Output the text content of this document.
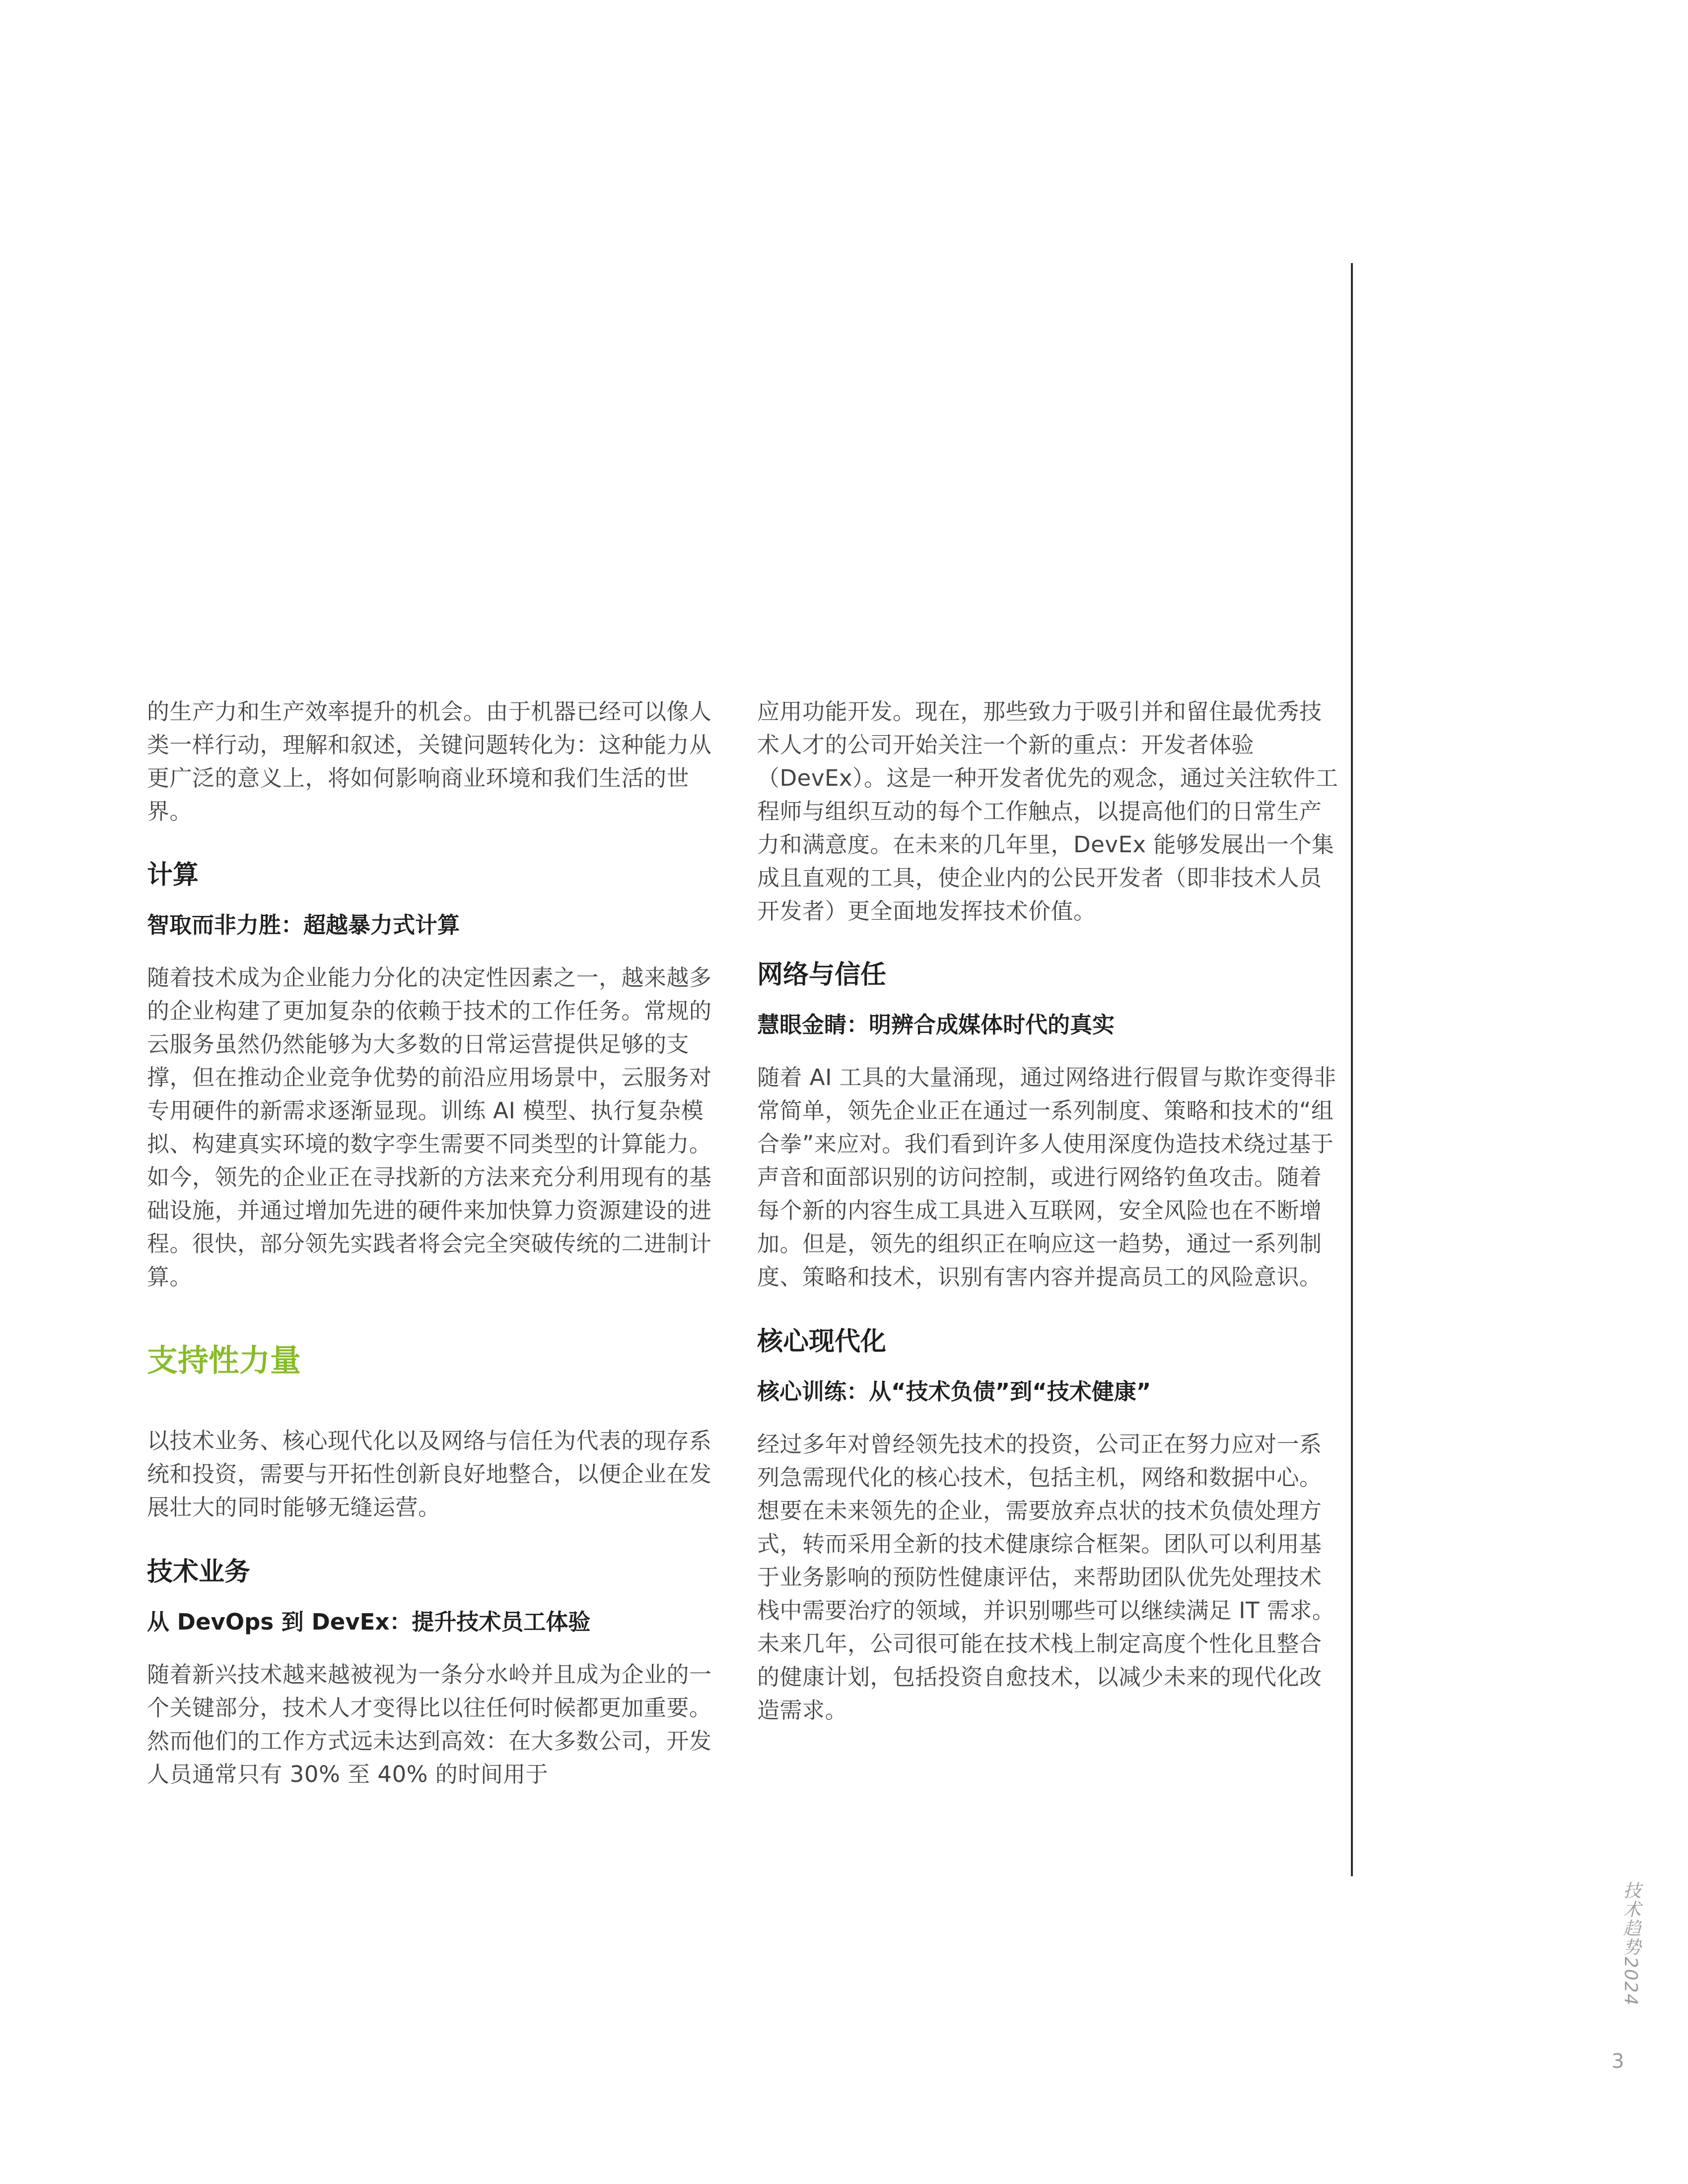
的生产力和生产效率提升的机会。由于机器已经可以像人类一样行动，理解和叙述，关键问题转化为：这种能力从更广泛的意义上，将如何影响商业环境和我们生活的世界。

计算
智取而非力胜：超越暴力式计算

随着技术成为企业能力分化的决定性因素之一，越来越多的企业构建了更加复杂的依赖于技术的工作任务。常规的云服务虽然仍然能够为大多数的日常运营提供足够的支撑，但在推动企业竞争优势的前沿应用场景中，云服务对专用硬件的新需求逐渐显现。训练 AI 模型、执行复杂模拟、构建真实环境的数字孪生需要不同类型的计算能力。如今，领先的企业正在寻找新的方法来充分利用现有的基础设施，并通过增加先进的硬件来加快算力资源建设的进程。很快，部分领先实践者将会完全突破传统的二进制计算。

支持性力量

以技术业务、核心现代化以及网络与信任为代表的现存系统和投资，需要与开拓性创新良好地整合，以便企业在发展壮大的同时能够无缝运营。

技术业务
从 DevOps 到 DevEx：提升技术员工体验

随着新兴技术越来越被视为一条分水岭并且成为企业的一个关键部分，技术人才变得比以往任何时候都更加重要。然而他们的工作方式远未达到高效：在大多数公司，开发人员通常只有 30% 至 40% 的时间用于

应用功能开发。现在，那些致力于吸引并和留住最优秀技术人才的公司开始关注一个新的重点：开发者体验（DevEx）。这是一种开发者优先的观念，通过关注软件工程师与组织互动的每个工作触点，以提高他们的日常生产力和满意度。在未来的几年里，DevEx 能够发展出一个集成且直观的工具，使企业内的公民开发者（即非技术人员开发者）更全面地发挥技术价值。

网络与信任
慧眼金睛：明辨合成媒体时代的真实

随着 AI 工具的大量涌现，通过网络进行假冒与欺诈变得非常简单，领先企业正在通过一系列制度、策略和技术的“组合拳”来应对。我们看到许多人使用深度伪造技术绕过基于声音和面部识别的访问控制，或进行网络钓鱼攻击。随着每个新的内容生成工具进入互联网，安全风险也在不断增加。但是，领先的组织正在响应这一趋势，通过一系列制度、策略和技术，识别有害内容并提高员工的风险意识。

核心现代化
核心训练：从“技术负债”到“技术健康”

经过多年对曾经领先技术的投资，公司正在努力应对一系列急需现代化的核心技术，包括主机，网络和数据中心。想要在未来领先的企业，需要放弃点状的技术负债处理方式，转而采用全新的技术健康综合框架。团队可以利用基于业务影响的预防性健康评估，来帮助团队优先处理技术栈中需要治疗的领域，并识别哪些可以继续满足 IT 需求。未来几年，公司很可能在技术栈上制定高度个性化且整合的健康计划，包括投资自愈技术，以减少未来的现代化改造需求。

技术趋势2024
3
